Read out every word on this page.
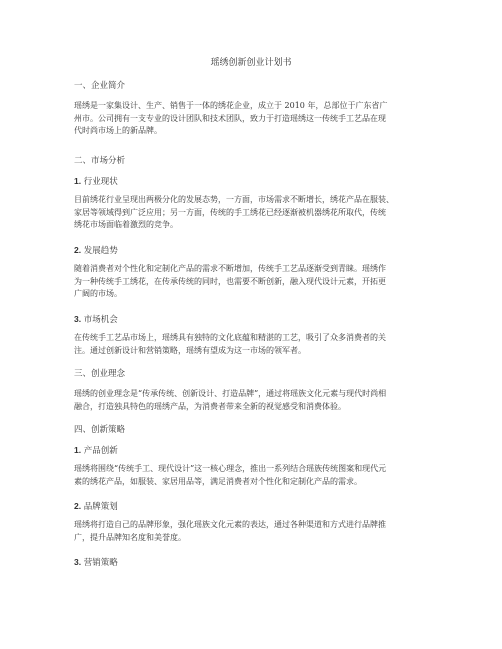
瑶绣创新创业计划书
一、企业简介
瑶绣是一家集设计、生产、销售于一体的绣花企业，成立于 2010 年，总部位于广东省广
州市。公司拥有一支专业的设计团队和技术团队，致力于打造瑶绣这一传统手工艺品在现
代时尚市场上的新品牌。
二、市场分析
1. 行业现状
目前绣花行业呈现出两极分化的发展态势，一方面，市场需求不断增长，绣花产品在服装、
家居等领域得到广泛应用；另一方面，传统的手工绣花已经逐渐被机器绣花所取代，传统
绣花市场面临着激烈的竞争。
2. 发展趋势
随着消费者对个性化和定制化产品的需求不断增加，传统手工艺品逐渐受到青睐。瑶绣作
为一种传统手工绣花，在传承传统的同时，也需要不断创新，融入现代设计元素，开拓更
广阔的市场。
3. 市场机会
在传统手工艺品市场上，瑶绣具有独特的文化底蕴和精湛的工艺，吸引了众多消费者的关
注。通过创新设计和营销策略，瑶绣有望成为这一市场的领军者。
三、创业理念
瑶绣的创业理念是“传承传统、创新设计、打造品牌”，通过将瑶族文化元素与现代时尚相
融合，打造独具特色的瑶绣产品，为消费者带来全新的视觉感受和消费体验。
四、创新策略
1. 产品创新
瑶绣将围绕“传统手工、现代设计”这一核心理念，推出一系列结合瑶族传统图案和现代元
素的绣花产品，如服装、家居用品等，满足消费者对个性化和定制化产品的需求。
2. 品牌策划
瑶绣将打造自己的品牌形象，强化瑶族文化元素的表达，通过各种渠道和方式进行品牌推
广，提升品牌知名度和美誉度。
3. 营销策略
